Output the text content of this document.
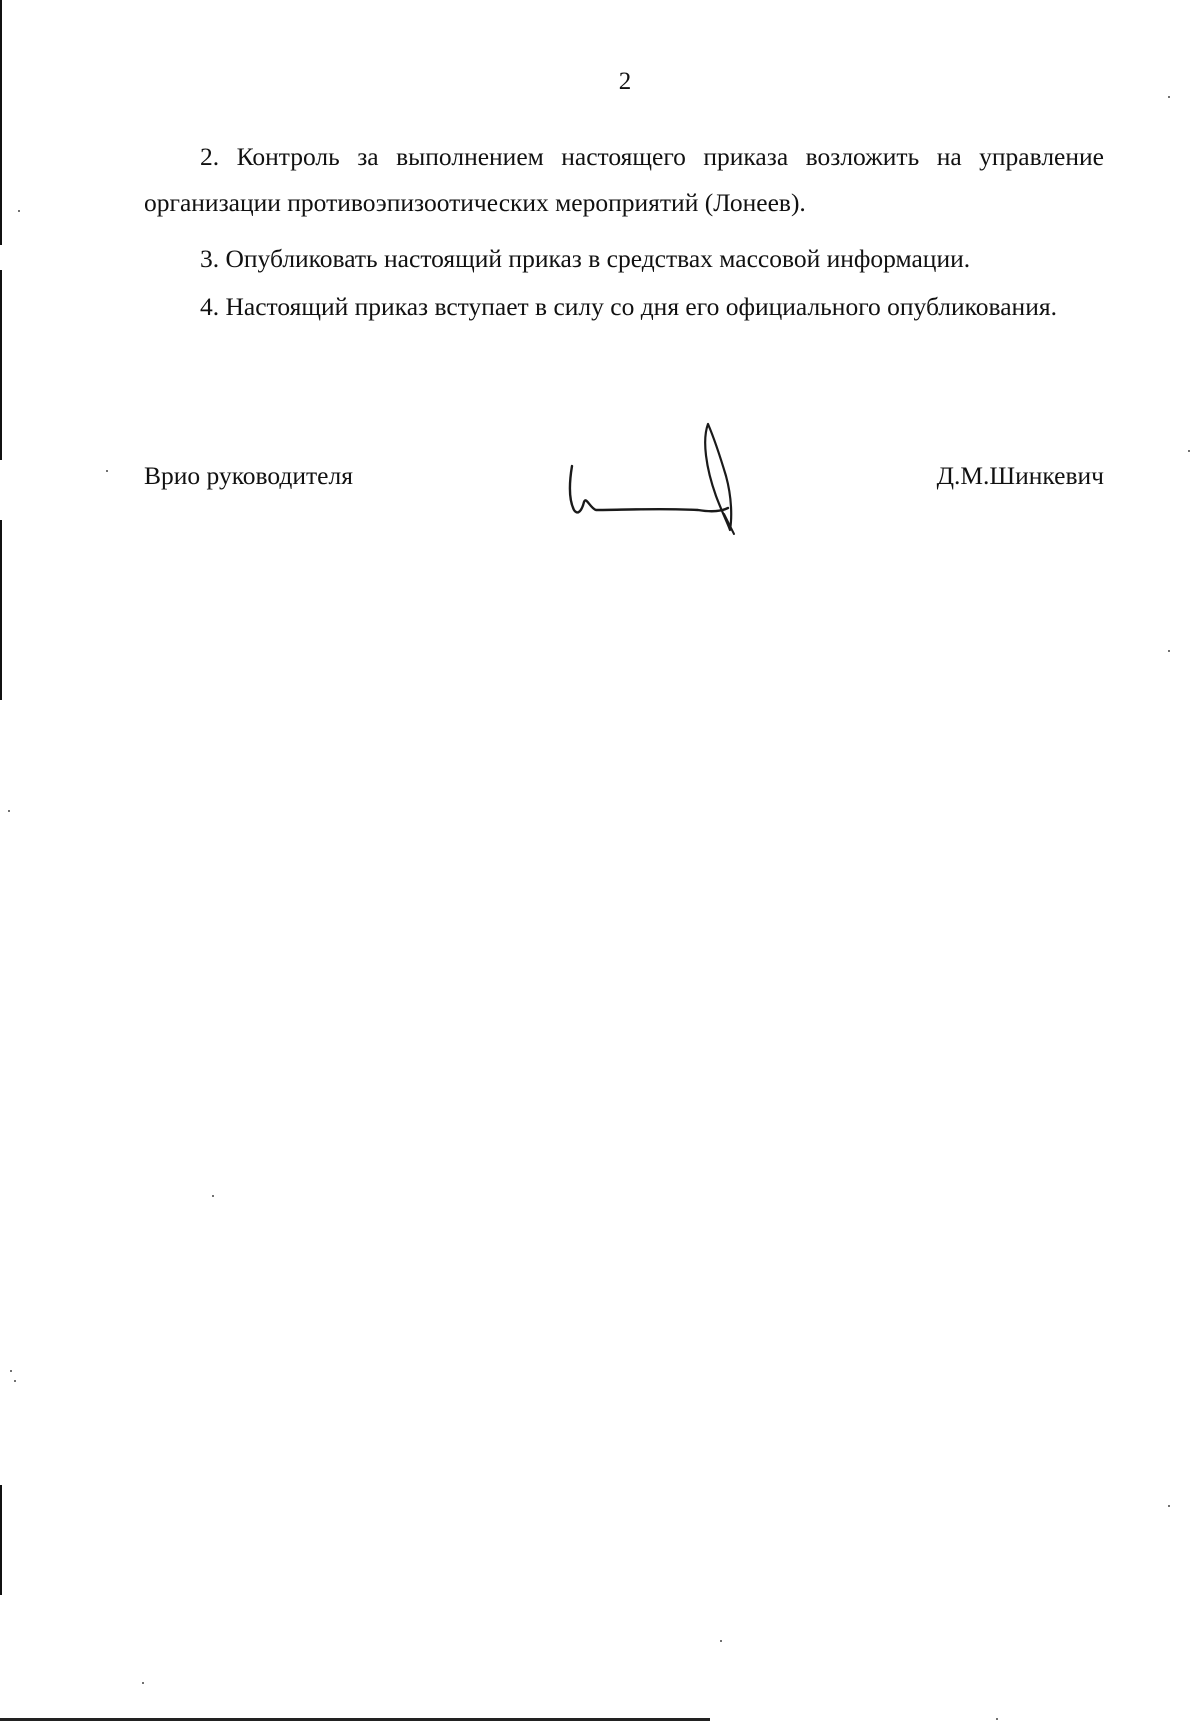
2

2. Контроль за выполнением настоящего приказа возложить на управление организации противоэпизоотических мероприятий (Лонеев).

3. Опубликовать настоящий приказ в средствах массовой информации.

4. Настоящий приказ вступает в силу со дня его официального опубликования.

Врио руководителя	Д.М.Шинкевич
